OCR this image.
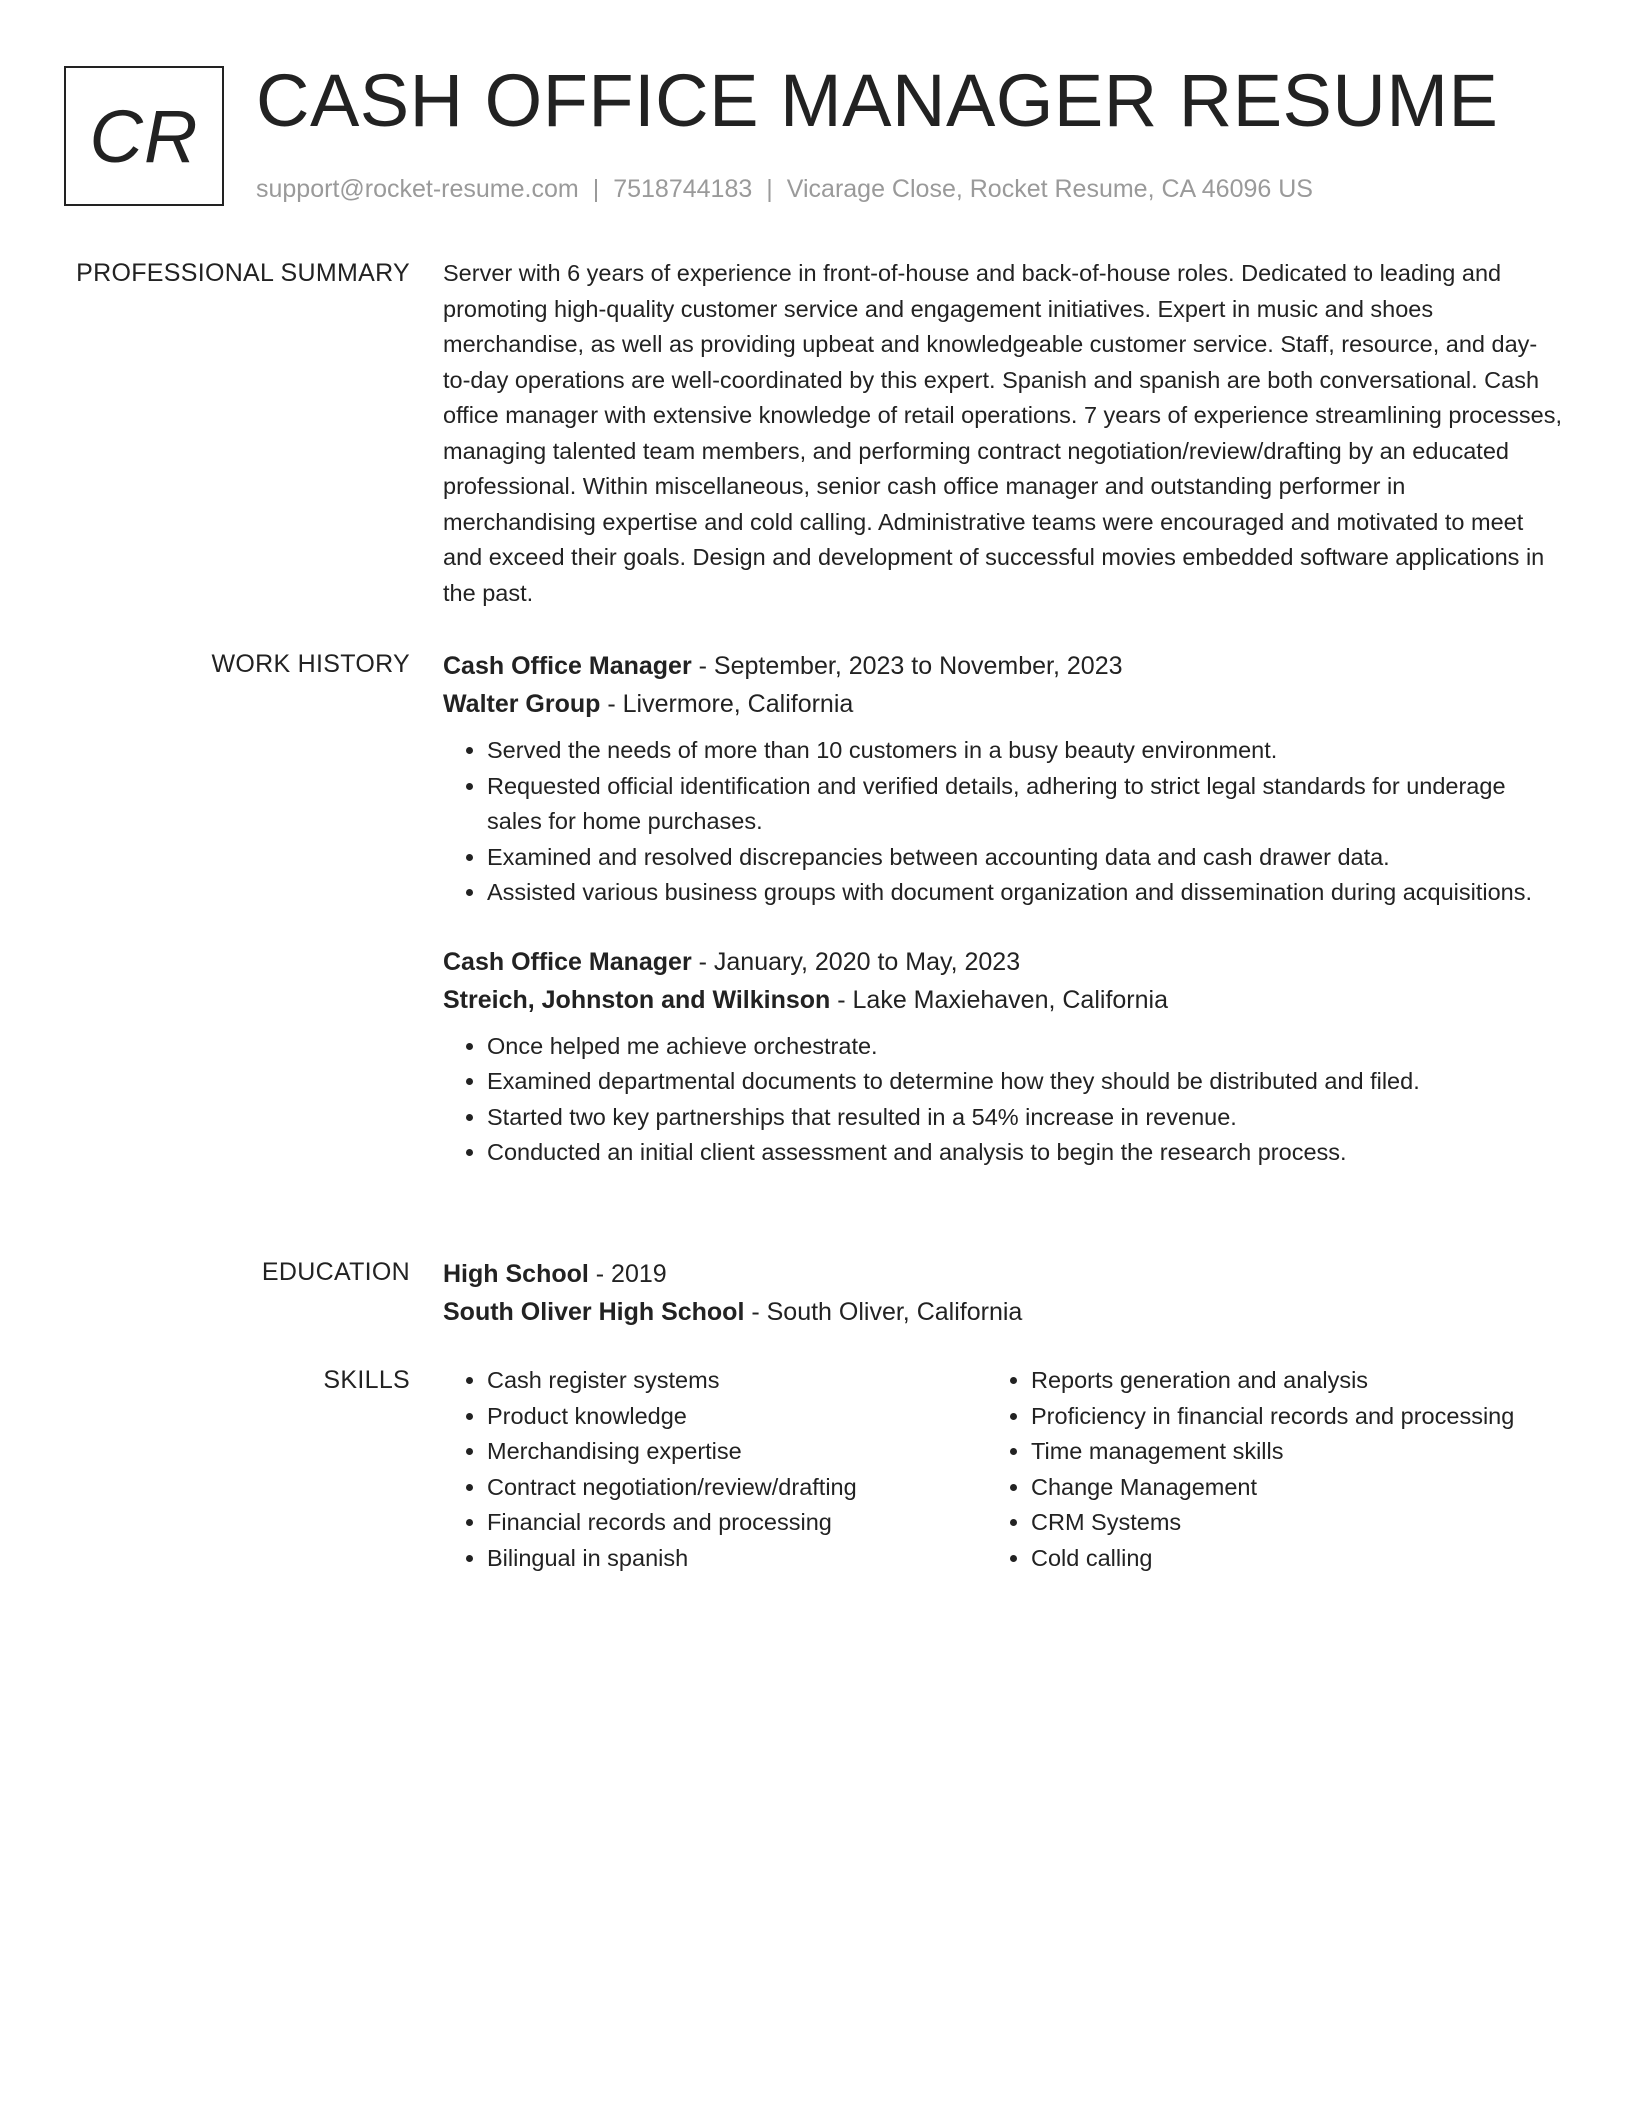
CR CASH OFFICE MANAGER RESUME
support@rocket-resume.com | 7518744183 | Vicarage Close, Rocket Resume, CA 46096 US
PROFESSIONAL SUMMARY Server with 6 years of experience in front-of-house and back-of-house roles. Dedicated to leading and promoting high-quality customer service and engagement initiatives. Expert in music and shoes merchandise, as well as providing upbeat and knowledgeable customer service. Staff, resource, and day-to-day operations are well-coordinated by this expert. Spanish and spanish are both conversational. Cash office manager with extensive knowledge of retail operations. 7 years of experience streamlining processes, managing talented team members, and performing contract negotiation/review/drafting by an educated professional. Within miscellaneous, senior cash office manager and outstanding performer in merchandising expertise and cold calling. Administrative teams were encouraged and motivated to meet and exceed their goals. Design and development of successful movies embedded software applications in the past.

WORK HISTORY Cash Office Manager - September, 2023 to November, 2023

Walter Group - Livermore, California

• Served the needs of more than 10 customers in a busy beauty environment.
• Requested official identification and verified details, adhering to strict legal standards for underage sales for home purchases.
• Examined and resolved discrepancies between accounting data and cash drawer data.
• Assisted various business groups with document organization and dissemination during acquisitions.

Cash Office Manager - January, 2020 to May, 2023

Streich, Johnston and Wilkinson - Lake Maxiehaven, California

• Once helped me achieve orchestrate.
• Examined departmental documents to determine how they should be distributed and filed.
• Started two key partnerships that resulted in a 54% increase in revenue.
• Conducted an initial client assessment and analysis to begin the research process.
EDUCATION High School - 2019

South Oliver High School - South Oliver, California

SKILLS
•	Cash register systems
• Product knowledge
• Merchandising expertise
• Contract negotiation/review/drafting
• Financial records and processing
• Bilingual in spanish
• Reports generation and analysis
• Proficiency in financial records and processing
• Time management skills
• Change Management
• CRM Systems
• Cold calling
